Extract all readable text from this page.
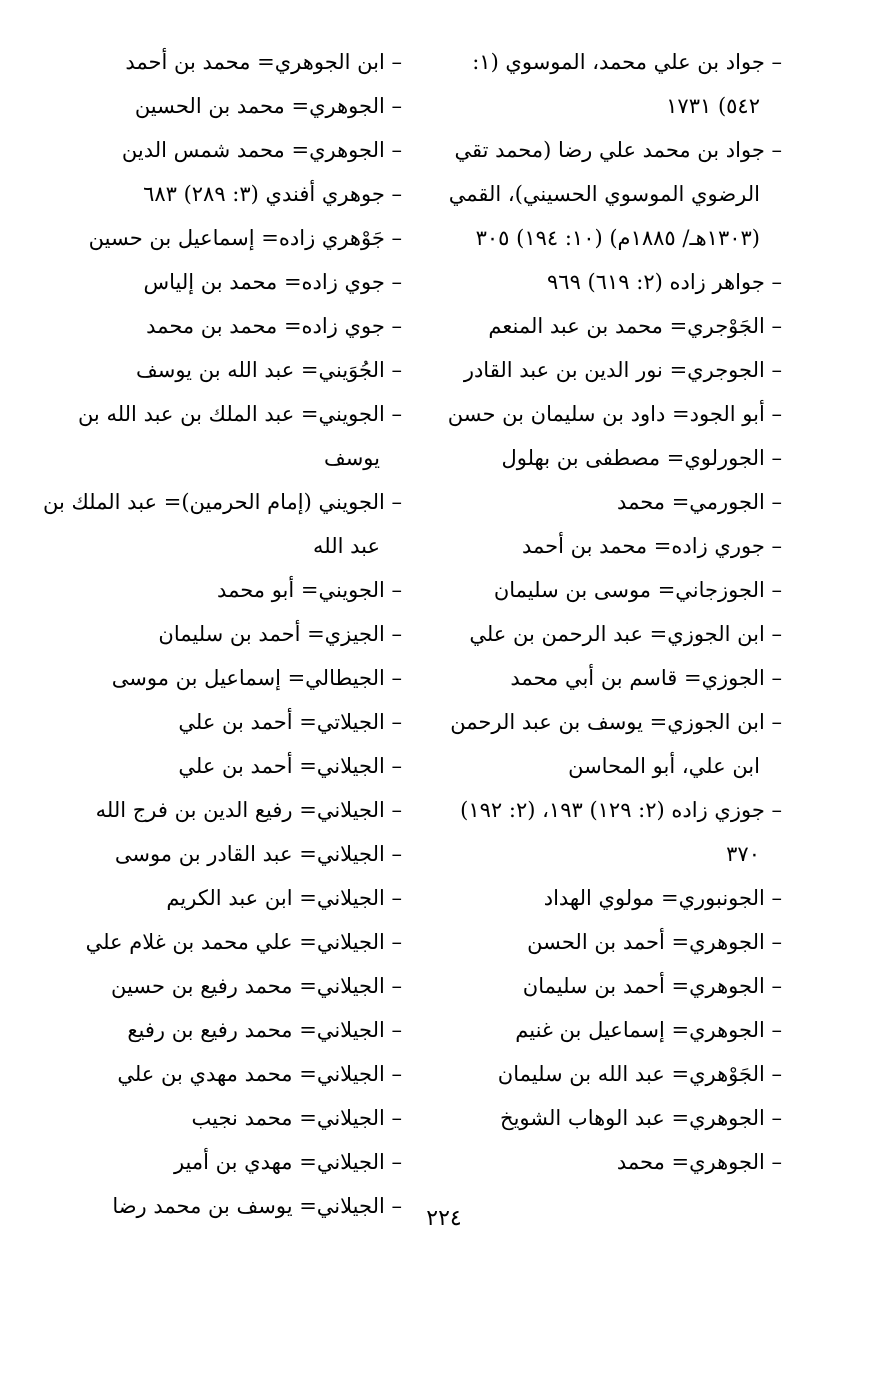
– جواد بن علي محمد، الموسوي (١: ٥٤٢) ١٧٣١
– جواد بن محمد علي رضا (محمد تقي الرضوي الموسوي الحسيني)، القمي (١٣٠٣هـ/ ١٨٨٥م) (١٠: ١٩٤) ٣٠٥
– جواهر زاده (٢: ٦١٩) ٩٦٩
– الجَوْجري= محمد بن عبد المنعم
– الجوجري= نور الدين بن عبد القادر
– أبو الجود= داود بن سليمان بن حسن
– الجورلوي= مصطفى بن بهلول
– الجورمي= محمد
– جوري زاده= محمد بن أحمد
– الجوزجاني= موسى بن سليمان
– ابن الجوزي= عبد الرحمن بن علي
– الجوزي= قاسم بن أبي محمد
– ابن الجوزي= يوسف بن عبد الرحمن ابن علي، أبو المحاسن
– جوزي زاده (٢: ١٢٩) ١٩٣، (٢: ١٩٢) ٣٧٠
– الجونبوري= مولوي الهداد
– الجوهري= أحمد بن الحسن
– الجوهري= أحمد بن سليمان
– الجوهري= إسماعيل بن غنيم
– الجَوْهري= عبد الله بن سليمان
– الجوهري= عبد الوهاب الشويخ
– الجوهري= محمد
– ابن الجوهري= محمد بن أحمد
– الجوهري= محمد بن الحسين
– الجوهري= محمد شمس الدين
– جوهري أفندي (٣: ٢٨٩) ٦٨٣
– جَوْهري زاده= إسماعيل بن حسين
– جوي زاده= محمد بن إلياس
– جوي زاده= محمد بن محمد
– الجُوَيني= عبد الله بن يوسف
– الجويني= عبد الملك بن عبد الله بن يوسف
– الجويني (إمام الحرمين)= عبد الملك بن عبد الله
– الجويني= أبو محمد
– الجيزي= أحمد بن سليمان
– الجيطالي= إسماعيل بن موسى
– الجيلاتي= أحمد بن علي
– الجيلاني= أحمد بن علي
– الجيلاني= رفيع الدين بن فرج الله
– الجيلاني= عبد القادر بن موسى
– الجيلاني= ابن عبد الكريم
– الجيلاني= علي محمد بن غلام علي
– الجيلاني= محمد رفيع بن حسين
– الجيلاني= محمد رفيع بن رفيع
– الجيلاني= محمد مهدي بن علي
– الجيلاني= محمد نجيب
– الجيلاني= مهدي بن أمير
– الجيلاني= يوسف بن محمد رضا	٢٢٤
